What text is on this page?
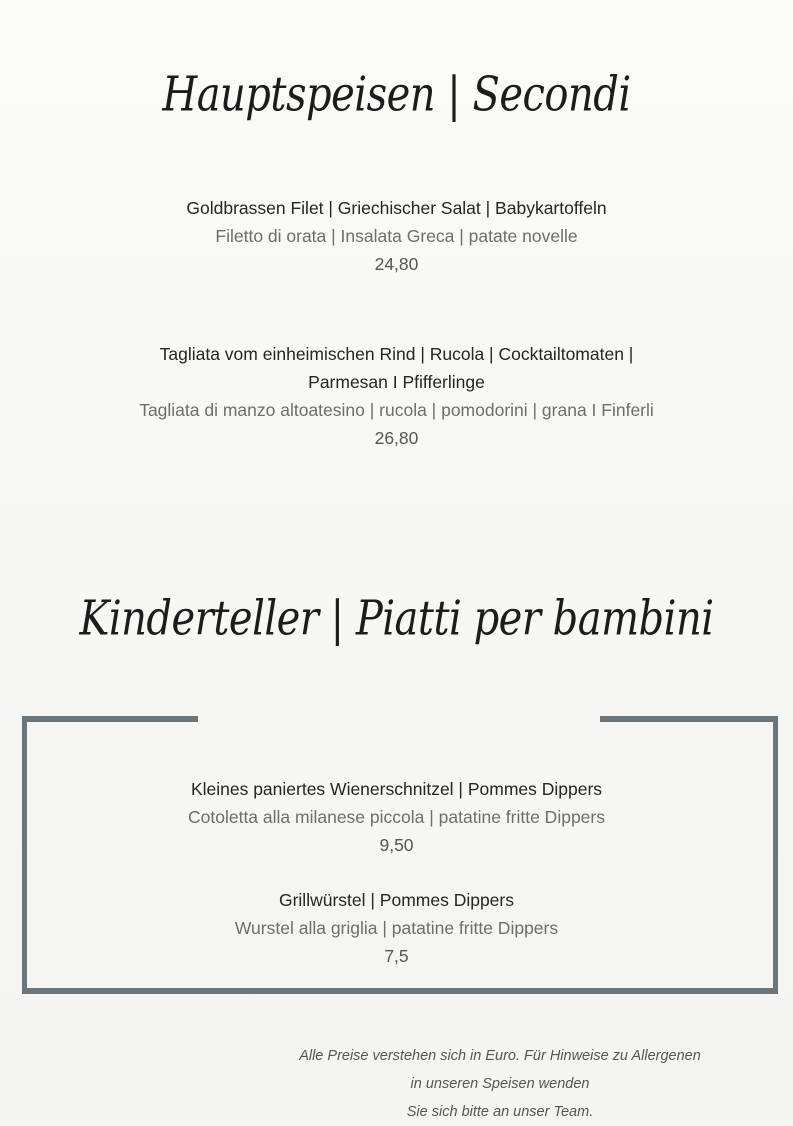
Hauptspeisen | Secondi
Goldbrassen Filet | Griechischer Salat | Babykartoffeln
Filetto di orata | Insalata Greca | patate novelle
24,80
Tagliata vom einheimischen Rind | Rucola | Cocktailtomaten |
Parmesan I Pfifferlinge
Tagliata di manzo altoatesino | rucola | pomodorini | grana I Finferli
26,80
Kinderteller | Piatti per bambini
Kleines paniertes Wienerschnitzel | Pommes Dippers
Cotoletta alla milanese piccola | patatine fritte Dippers
9,50
Grillwürstel | Pommes Dippers
Wurstel alla griglia | patatine fritte Dippers
7,5
Alle Preise verstehen sich in Euro. Für Hinweise zu Allergenen
in unseren Speisen wenden
Sie sich bitte an unser Team.
